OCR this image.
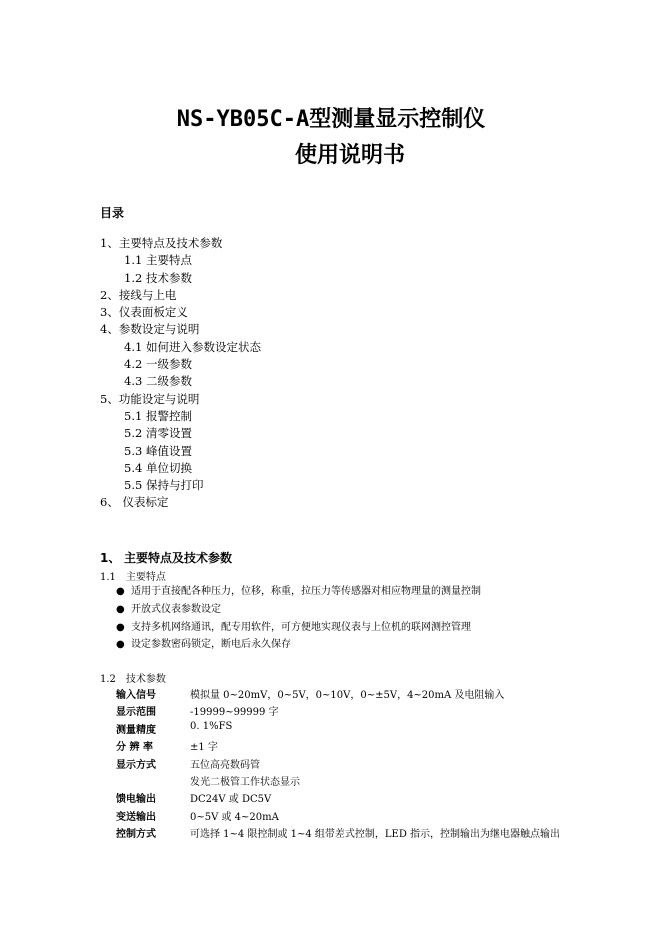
NS-YB05C-A型测量显示控制仪
使用说明书
目录
1、主要特点及技术参数
1.1 主要特点
1.2 技术参数
2、接线与上电
3、仪表面板定义
4、参数设定与说明
4.1 如何进入参数设定状态
4.2 一级参数
4.3 二级参数
5、功能设定与说明
5.1 报警控制
5.2 清零设置
5.3 峰值设置
5.4 单位切换
5.5 保持与打印
6、 仪表标定
1、 主要特点及技术参数
1.1 主要特点
● 适用于直接配各种压力，位移，称重，拉压力等传感器对相应物理量的测量控制
● 开放式仪表参数设定
● 支持多机网络通讯，配专用软件，可方便地实现仪表与上位机的联网测控管理
● 设定参数密码锁定，断电后永久保存
1.2 技术参数
输入信号	模拟量 0~20mV，0~5V，0~10V，0~±5V，4~20mA 及电阻输入
显示范围	-19999~99999 字
测量精度	0. 1%FS
分 辨 率	±1 字
显示方式	五位高亮数码管
发光二极管工作状态显示
馈电输出	DC24V 或 DC5V
变送输出	0~5V 或 4~20mA
控制方式	可选择 1~4 限控制或 1~4 组带差式控制，LED 指示，控制输出为继电器触点输出
